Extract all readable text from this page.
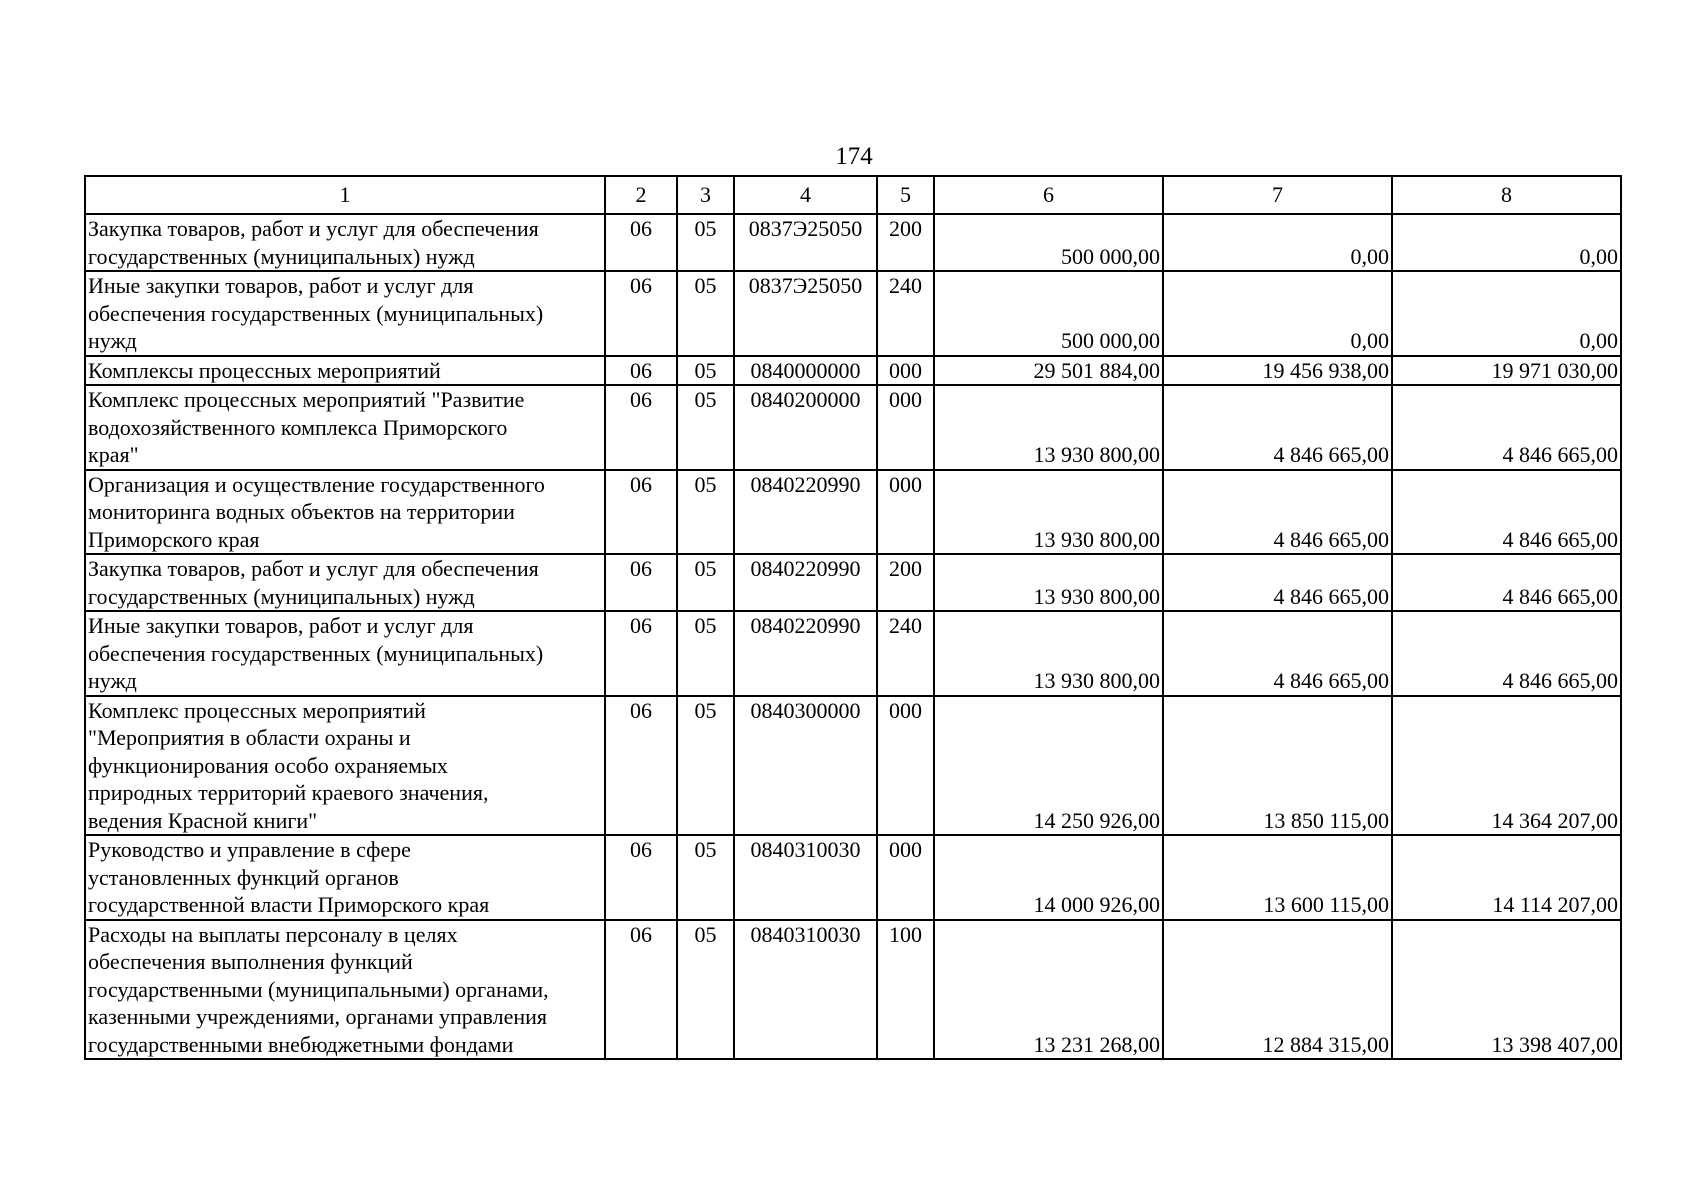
174
1	2	3	4	5	6	7	8

Закупка товаров, работ и услуг для обеспечения
государственных (муниципальных) нужд	06	05	0837Э25050	200	500 000,00	0,00	0,00

Иные закупки товаров, работ и услуг для
обеспечения государственных (муниципальных)
нужд	06	05	0837Э25050	240	500 000,00	0,00	0,00

Комплексы процессных мероприятий	06	05	0840000000	000	29 501 884,00	19 456 938,00	19 971 030,00

Комплекс процессных мероприятий "Развитие
водохозяйственного комплекса Приморского
края"	06	05	0840200000	000	13 930 800,00	4 846 665,00	4 846 665,00

Организация и осуществление государственного
мониторинга водных объектов на территории
Приморского края	06	05	0840220990	000	13 930 800,00	4 846 665,00	4 846 665,00

Закупка товаров, работ и услуг для обеспечения
государственных (муниципальных) нужд	06	05	0840220990	200	13 930 800,00	4 846 665,00	4 846 665,00

Иные закупки товаров, работ и услуг для
обеспечения государственных (муниципальных)
нужд	06	05	0840220990	240	13 930 800,00	4 846 665,00	4 846 665,00

Комплекс процессных мероприятий
"Мероприятия в области охраны и
функционирования особо охраняемых
природных территорий краевого значения,
ведения Красной книги"	06	05	0840300000	000	14 250 926,00	13 850 115,00	14 364 207,00

Руководство и управление в сфере
установленных функций органов
государственной власти Приморского края	06	05	0840310030	000	14 000 926,00	13 600 115,00	14 114 207,00

Расходы на выплаты персоналу в целях
обеспечения выполнения функций
государственными (муниципальными) органами,
казенными учреждениями, органами управления
государственными внебюджетными фондами	06	05	0840310030	100	13 231 268,00	12 884 315,00	13 398 407,00
